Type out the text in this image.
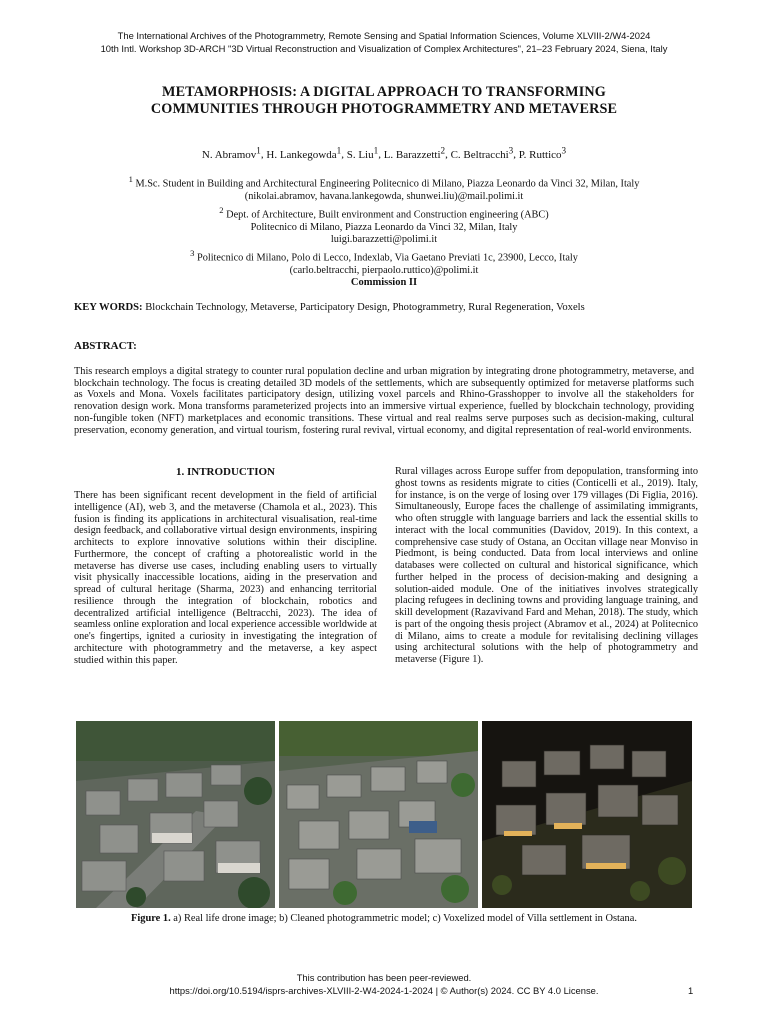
The International Archives of the Photogrammetry, Remote Sensing and Spatial Information Sciences, Volume XLVIII-2/W4-2024
10th Intl. Workshop 3D-ARCH "3D Virtual Reconstruction and Visualization of Complex Architectures", 21–23 February 2024, Siena, Italy
METAMORPHOSIS: A DIGITAL APPROACH TO TRANSFORMING
COMMUNITIES THROUGH PHOTOGRAMMETRY AND METAVERSE
N. Abramov$^1$, H. Lankegowda$^1$, S. Liu$^1$, L. Barazzetti$^2$, C. Beltracchi$^3$, P. Ruttico$^3$
$^1$ M.Sc. Student in Building and Architectural Engineering Politecnico di Milano, Piazza Leonardo da Vinci 32, Milan, Italy
(nikolai.abramov, havana.lankegowda, shunwei.liu)@mail.polimi.it
$^2$ Dept. of Architecture, Built environment and Construction engineering (ABC)
Politecnico di Milano, Piazza Leonardo da Vinci 32, Milan, Italy
luigi.barazzetti@polimi.it
$^3$ Politecnico di Milano, Polo di Lecco, Indexlab, Via Gaetano Previati 1c, 23900, Lecco, Italy
(carlo.beltracchi, pierpaolo.ruttico)@polimi.it
Commission II
KEY WORDS: Blockchain Technology, Metaverse, Participatory Design, Photogrammetry, Rural Regeneration, Voxels
ABSTRACT:
This research employs a digital strategy to counter rural population decline and urban migration by integrating drone photogrammetry, metaverse, and blockchain technology. The focus is creating detailed 3D models of the settlements, which are subsequently optimized for metaverse platforms such as Voxels and Mona. Voxels facilitates participatory design, utilizing voxel parcels and Rhino-Grasshopper to involve all the stakeholders for renovation design work. Mona transforms parameterized projects into an immersive virtual experience, fuelled by blockchain technology, providing non-fungible token (NFT) marketplaces and economic transitions. These virtual and real realms serve purposes such as decision-making, cultural preservation, economy generation, and virtual tourism, fostering rural revival, virtual economy, and digital representation of real-world environments.
1. INTRODUCTION
There has been significant recent development in the field of artificial intelligence (AI), web 3, and the metaverse (Chamola et al., 2023). This fusion is finding its applications in architectural visualisation, real-time design feedback, and collaborative virtual design environments, inspiring architects to explore innovative solutions within their discipline. Furthermore, the concept of crafting a photorealistic world in the metaverse has diverse use cases, including enabling users to virtually visit physically inaccessible locations, aiding in the preservation and spread of cultural heritage (Sharma, 2023) and enhancing territorial resilience through the integration of blockchain, robotics and decentralized artificial intelligence (Beltracchi, 2023). The idea of seamless online exploration and local experience accessible worldwide at one's fingertips, ignited a curiosity in investigating the integration of architecture with photogrammetry and the metaverse, a key aspect studied within this paper.
Rural villages across Europe suffer from depopulation, transforming into ghost towns as residents migrate to cities (Conticelli et al., 2019). Italy, for instance, is on the verge of losing over 179 villages (Di Figlia, 2016). Simultaneously, Europe faces the challenge of assimilating immigrants, who often struggle with language barriers and lack the essential skills to interact with the local communities (Davidov, 2019). In this context, a comprehensive case study of Ostana, an Occitan village near Monviso in Piedmont, is being conducted. Data from local interviews and online databases were collected on cultural and historical significance, which further helped in the process of decision-making and designing a solution-aided module. One of the initiatives involves strategically placing refugees in declining towns and providing language training, and skill development (Razavivand Fard and Mehan, 2018). The study, which is part of the ongoing thesis project (Abramov et al., 2024) at Politecnico di Milano, aims to create a module for revitalising declining villages using architectural solutions with the help of photogrammetry and metaverse (Figure 1).
Figure 1. a) Real life drone image; b) Cleaned photogrammetric model; c) Voxelized model of Villa settlement in Ostana.
This contribution has been peer-reviewed.
https://doi.org/10.5194/isprs-archives-XLVIII-2-W4-2024-1-2024 | © Author(s) 2024. CC BY 4.0 License.	1
